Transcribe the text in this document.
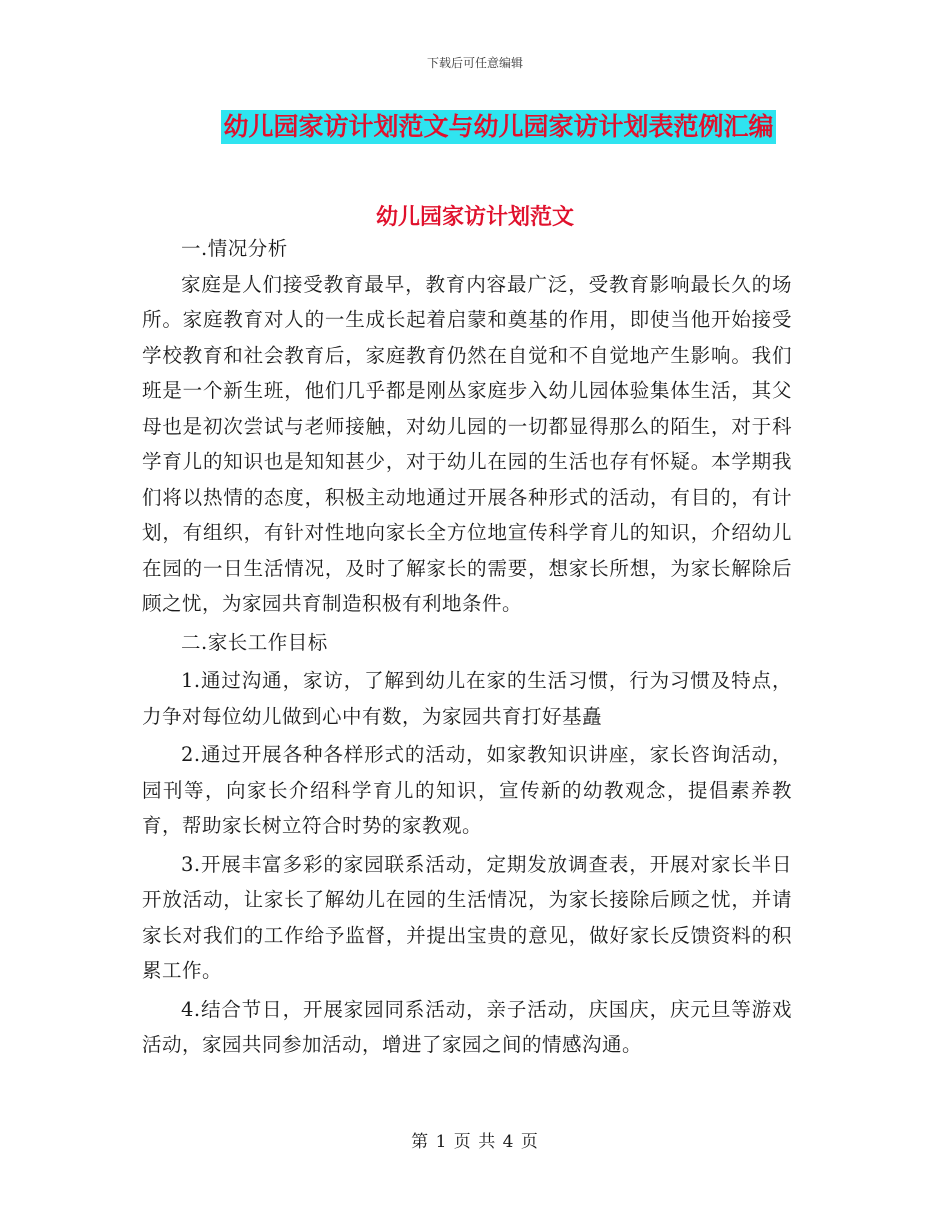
下载后可任意编辑
幼儿园家访计划范文与幼儿园家访计划表范例汇编
幼儿园家访计划范文

一.情况分析

家庭是人们接受教育最早，教育内容最广泛，受教育影响最长久的场所。家庭教育对人的一生成长起着启蒙和奠基的作用，即使当他开始接受学校教育和社会教育后，家庭教育仍然在自觉和不自觉地产生影响。我们班是一个新生班，他们几乎都是刚丛家庭步入幼儿园体验集体生活，其父母也是初次尝试与老师接触，对幼儿园的一切都显得那么的陌生，对于科学育儿的知识也是知知甚少，对于幼儿在园的生活也存有怀疑。本学期我们将以热情的态度，积极主动地通过开展各种形式的活动，有目的，有计划，有组织，有针对性地向家长全方位地宣传科学育儿的知识，介绍幼儿在园的一日生活情况，及时了解家长的需要，想家长所想，为家长解除后顾之忧，为家园共育制造积极有利地条件。

二.家长工作目标

1.通过沟通，家访，了解到幼儿在家的生活习惯，行为习惯及特点，力争对每位幼儿做到心中有数，为家园共育打好基矗

2.通过开展各种各样形式的活动，如家教知识讲座，家长咨询活动，园刊等，向家长介绍科学育儿的知识，宣传新的幼教观念，提倡素养教育，帮助家长树立符合时势的家教观。

3.开展丰富多彩的家园联系活动，定期发放调查表，开展对家长半日开放活动，让家长了解幼儿在园的生活情况，为家长接除后顾之忧，并请家长对我们的工作给予监督，并提出宝贵的意见，做好家长反馈资料的积累工作。

4.结合节日，开展家园同系活动，亲子活动，庆国庆，庆元旦等游戏活动，家园共同参加活动，增进了家园之间的情感沟通。

第 1 页 共 4 页
